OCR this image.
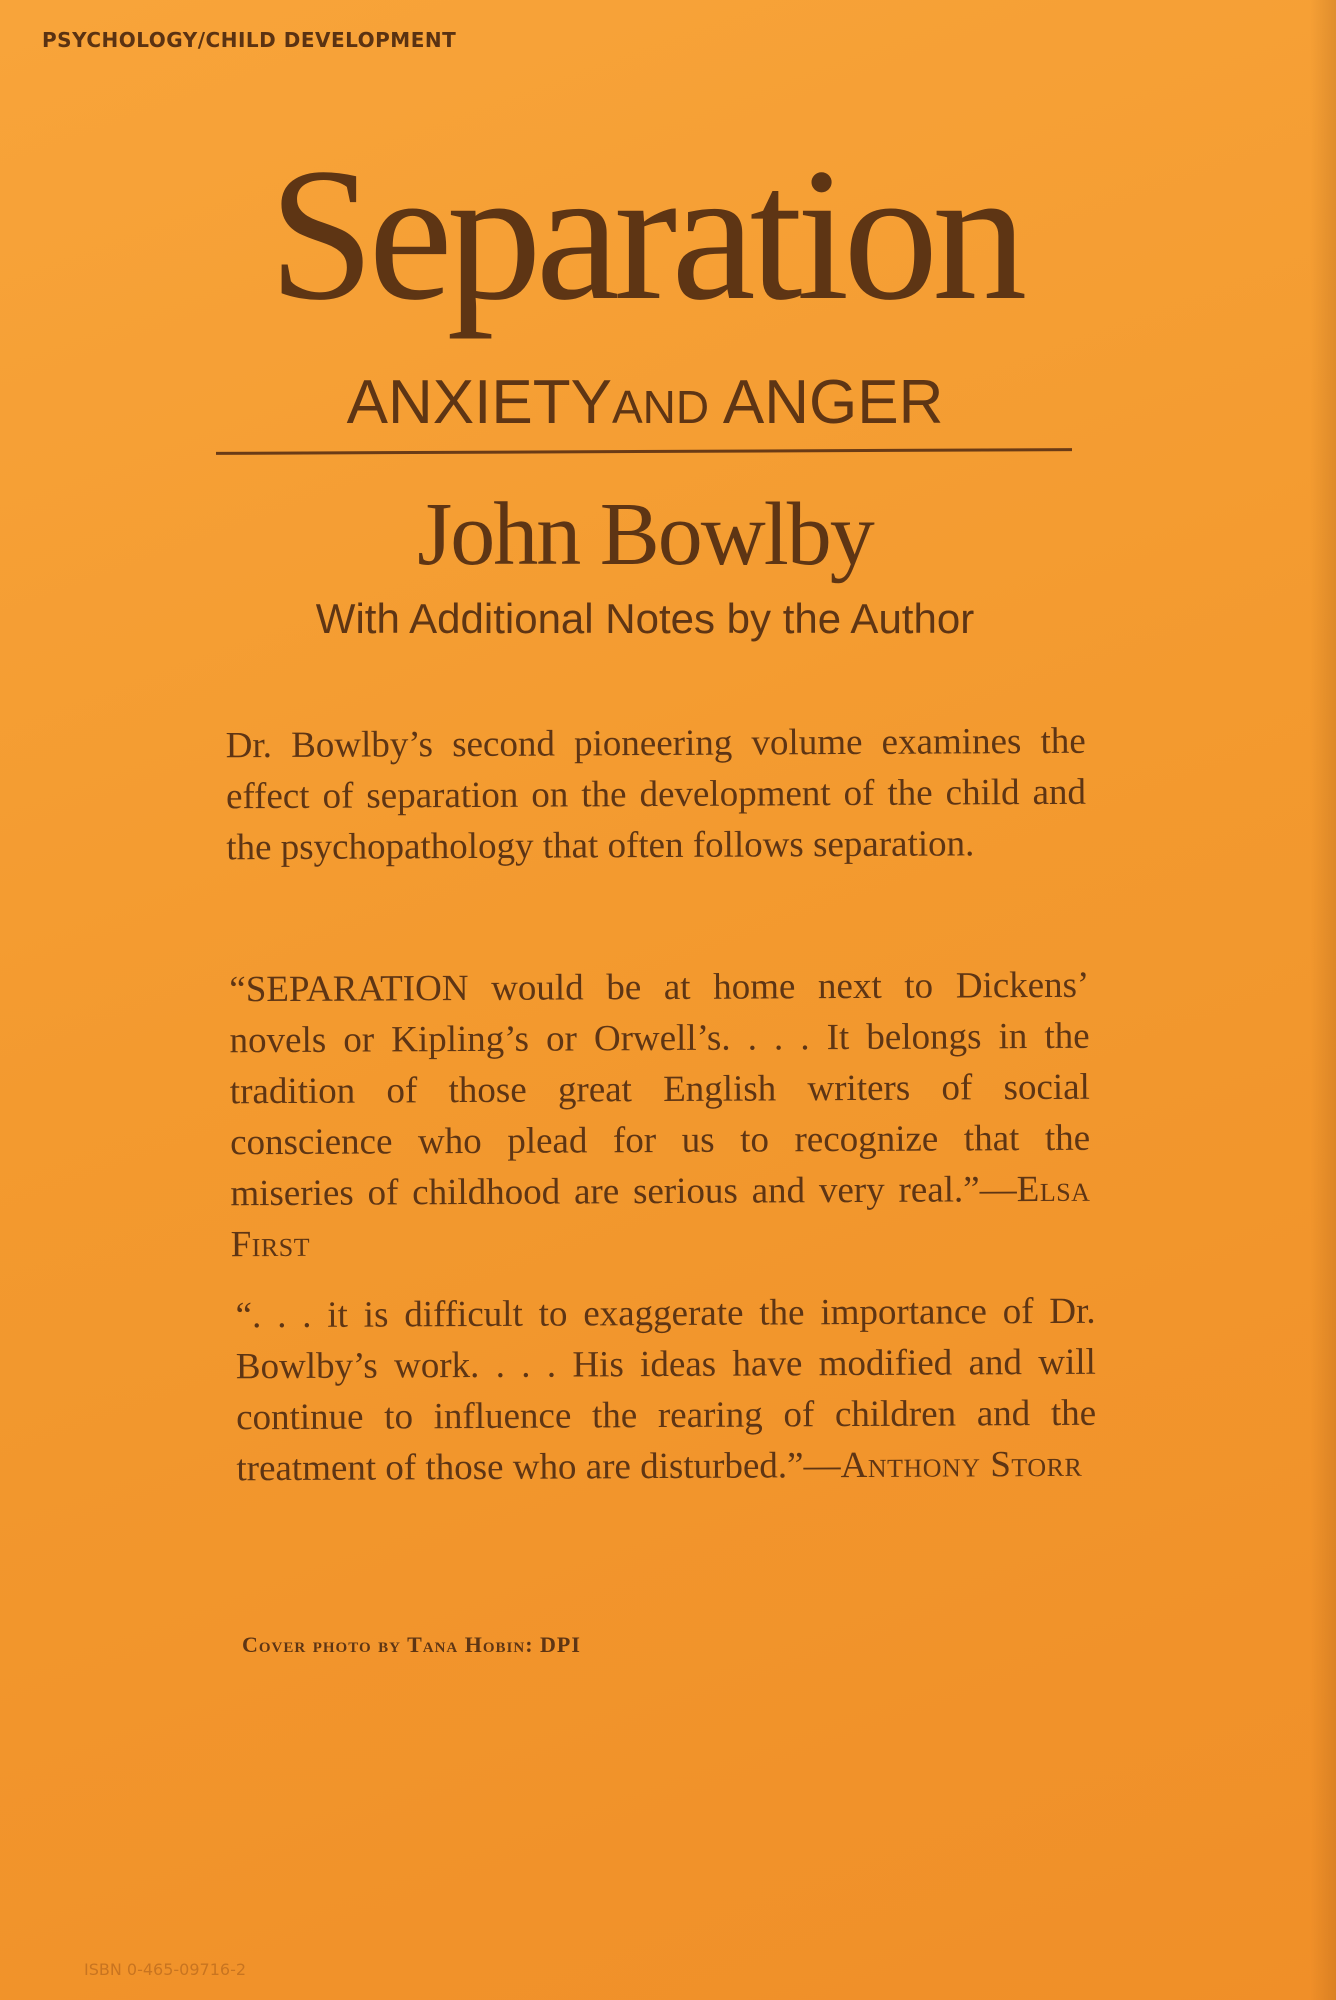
PSYCHOLOGY/CHILD DEVELOPMENT
Separation
ANXIETYAND ANGER
John Bowlby
With Additional Notes by the Author
Dr. Bowlby’s second pioneering volume examines the effect of separation on the development of the child and the psychopathology that often follows separation.
“SEPARATION would be at home next to Dickens’ novels or Kipling’s or Orwell’s. . . . It belongs in the tradition of those great English writers of social conscience who plead for us to recognize that the miseries of childhood are serious and very real.”—Elsa First
“. . . it is difficult to exaggerate the importance of Dr. Bowlby’s work. . . . His ideas have modified and will continue to influence the rearing of children and the treatment of those who are disturbed.”—Anthony Storr
Cover photo by Tana Hobin: DPI
ISBN 0-465-09716-2
